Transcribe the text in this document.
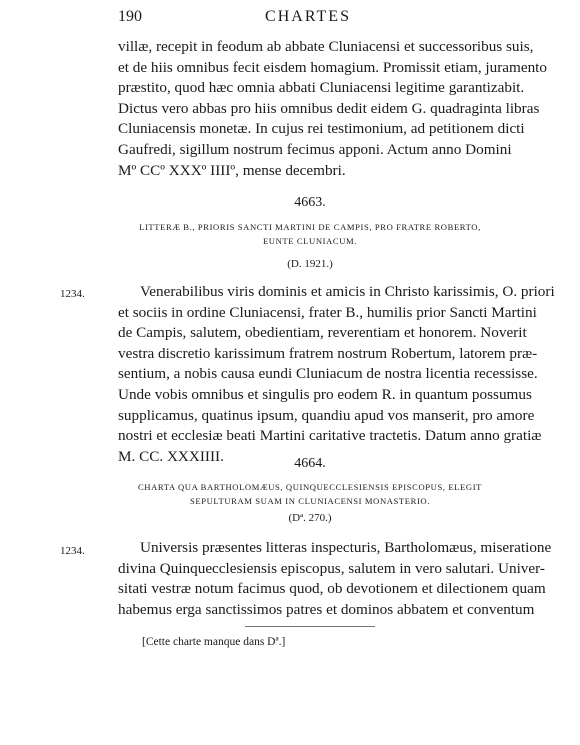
190	CHARTES

villæ, recepit in feodum ab abbate Cluniacensi et successoribus suis,
et de hiis omnibus fecit eisdem homagium. Promissit etiam, juramento
præstito, quod hæc omnia abbati Cluniacensi legitime garantizabit.
Dictus vero abbas pro hiis omnibus dedit eidem G. quadraginta libras
Cluniacensis monetæ. In cujus rei testimonium, ad petitionem dicti
Gaufredi, sigillum nostrum fecimus apponi. Actum anno Domini
Mº CCº XXXº IIIIº, mense decembri.

4663.

LITTERÆ B., PRIORIS SANCTI MARTINI DE CAMPIS, PRO FRATRE ROBERTO,
EUNTE CLUNIACUM.

(D. 1921.)
1234.	Venerabilibus viris dominis et amicis in Christo karissimis, O. priori
et sociis in ordine Cluniacensi, frater B., humilis prior Sancti Martini
de Campis, salutem, obedientiam, reverentiam et honorem. Noverit
vestra discretio karissimum fratrem nostrum Robertum, latorem præ-
sentium, a nobis causa eundi Cluniacum de nostra licentia recessisse.
Unde vobis omnibus et singulis pro eodem R. in quantum possumus
supplicamus, quatinus ipsum, quandiu apud vos manserit, pro amore
nostri et ecclesiæ beati Martini caritative tractetis. Datum anno gratiæ
M. CC. XXXIIII.	4664.

CHARTA QUA BARTHOLOMÆUS, QUINQUECCLESIENSIS EPISCOPUS, ELEGIT
SEPULTURAM SUAM IN CLUNIACENSI MONASTERIO.

(Dª. 270.)
1234.	Universis præsentes litteras inspecturis, Bartholomæus, miseratione
divina Quinquecclesiensis episcopus, salutem in vero salutari. Univer-
sitati vestræ notum facimus quod, ob devotionem et dilectionem quam
habemus erga sanctissimos patres et dominos abbatem et conventum

[Cette charte manque dans Dª.]
